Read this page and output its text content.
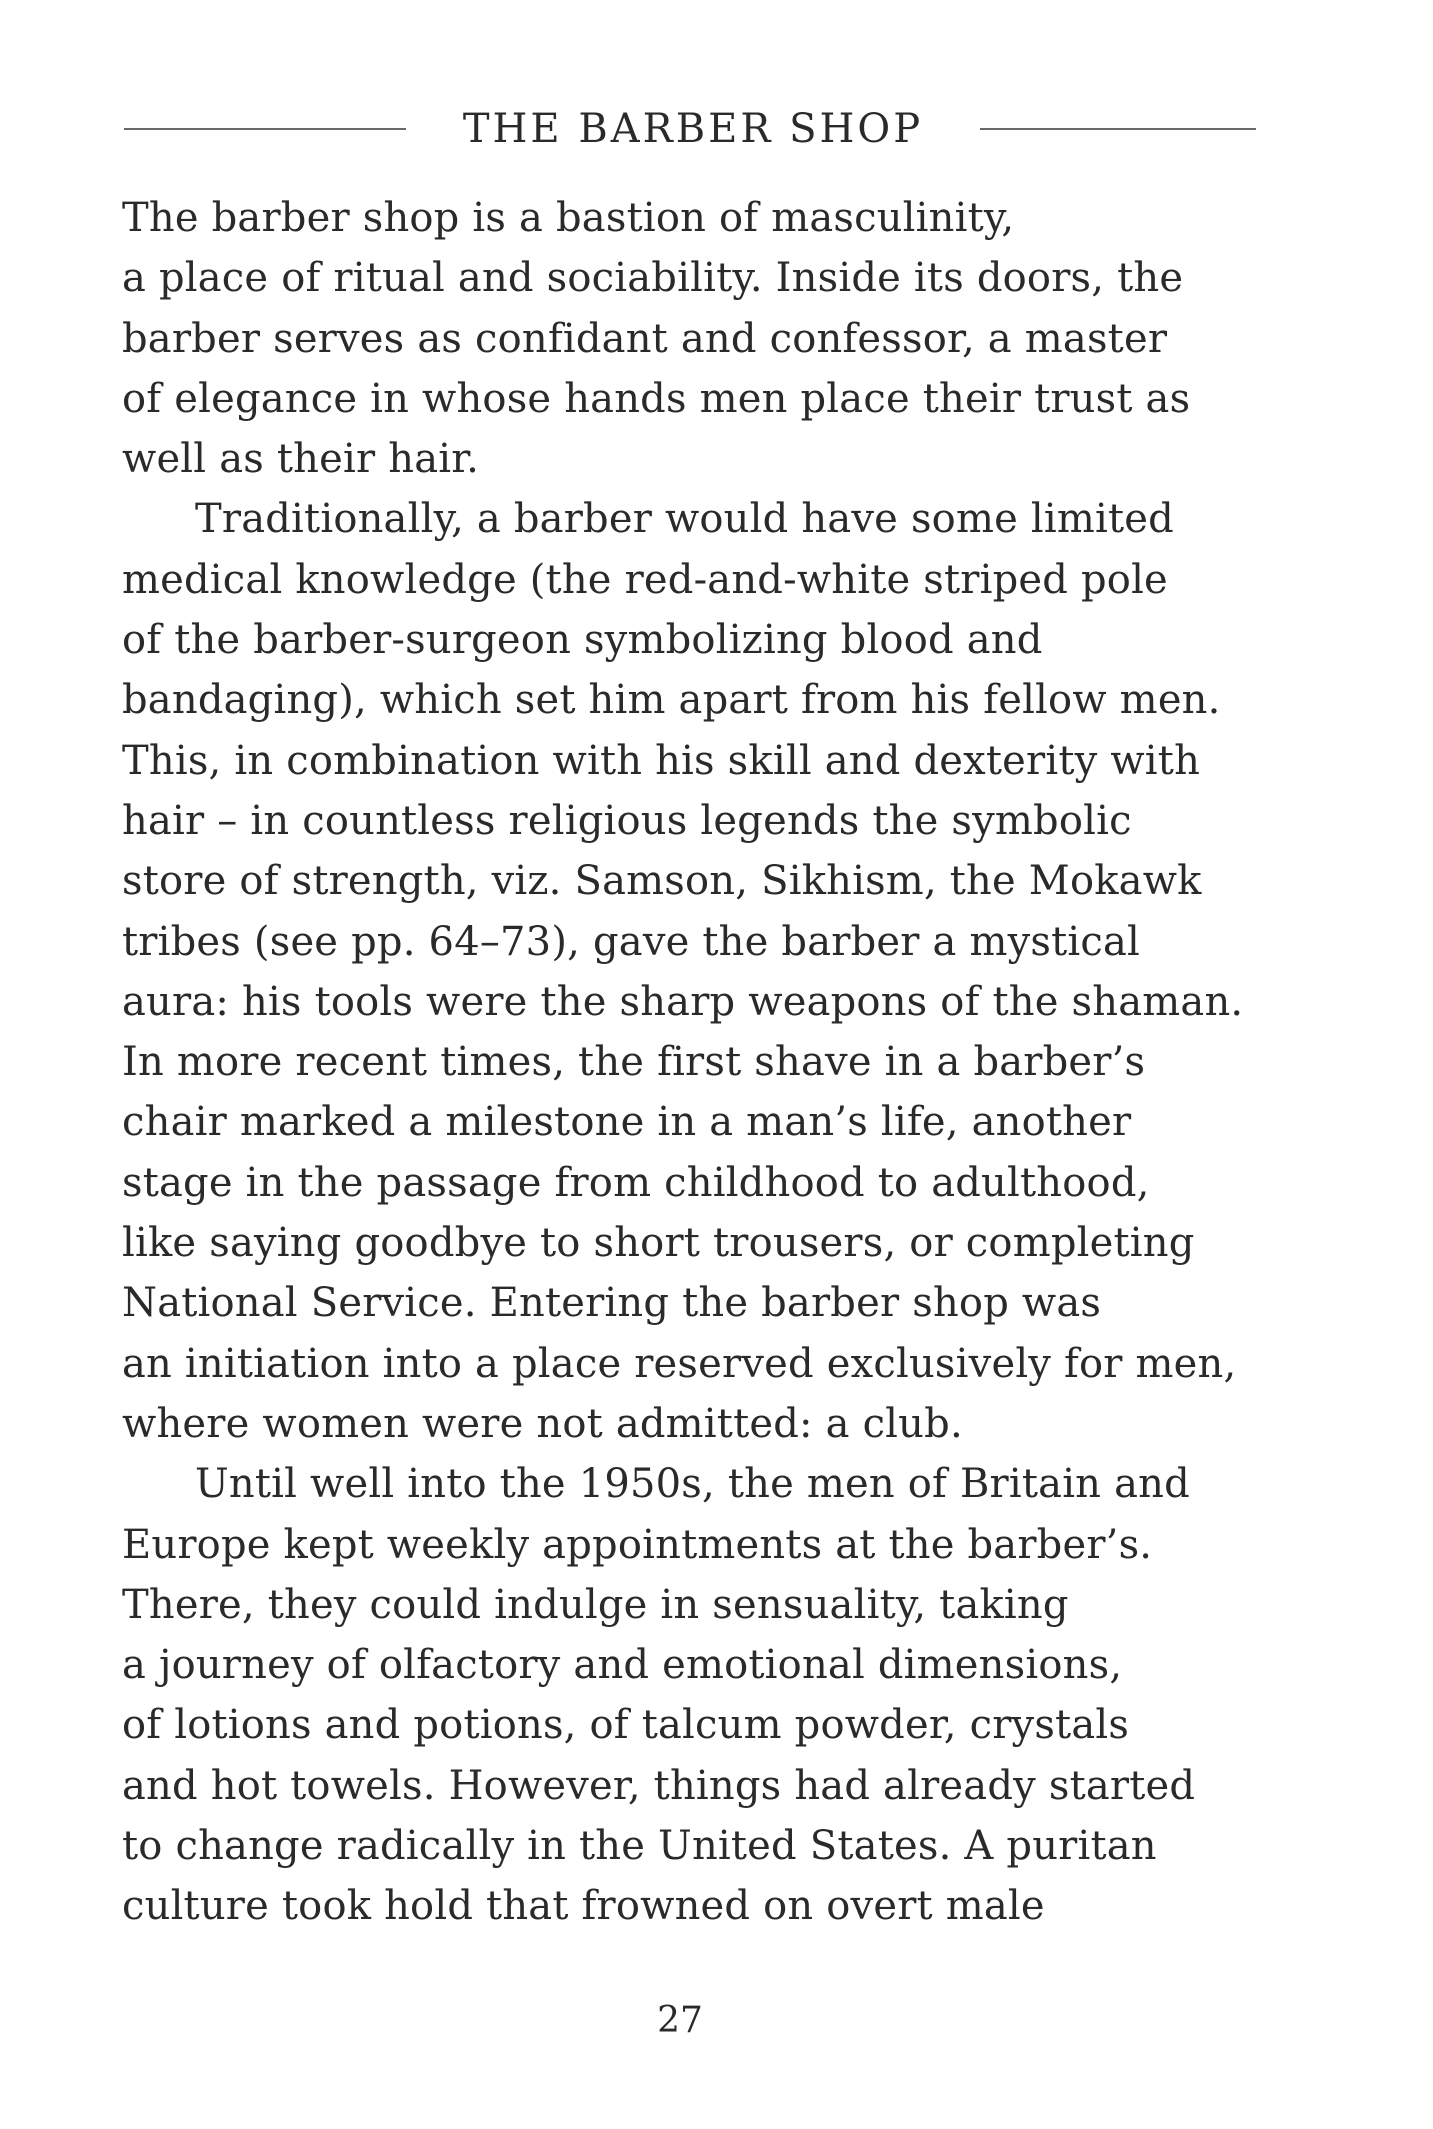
THE BARBER SHOP
The barber shop is a bastion of masculinity,
a place of ritual and sociability. Inside its doors, the
barber serves as confidant and confessor, a master
of elegance in whose hands men place their trust as
well as their hair.
Traditionally, a barber would have some limited
medical knowledge (the red-and-white striped pole
of the barber-surgeon symbolizing blood and
bandaging), which set him apart from his fellow men.
This, in combination with his skill and dexterity with
hair – in countless religious legends the symbolic
store of strength, viz. Samson, Sikhism, the Mokawk
tribes (see pp. 64–73), gave the barber a mystical
aura: his tools were the sharp weapons of the shaman.
In more recent times, the first shave in a barber’s
chair marked a milestone in a man’s life, another
stage in the passage from childhood to adulthood,
like saying goodbye to short trousers, or completing
National Service. Entering the barber shop was
an initiation into a place reserved exclusively for men,
where women were not admitted: a club.
Until well into the 1950s, the men of Britain and
Europe kept weekly appointments at the barber’s.
There, they could indulge in sensuality, taking
a journey of olfactory and emotional dimensions,
of lotions and potions, of talcum powder, crystals
and hot towels. However, things had already started
to change radically in the United States. A puritan
culture took hold that frowned on overt male
27
